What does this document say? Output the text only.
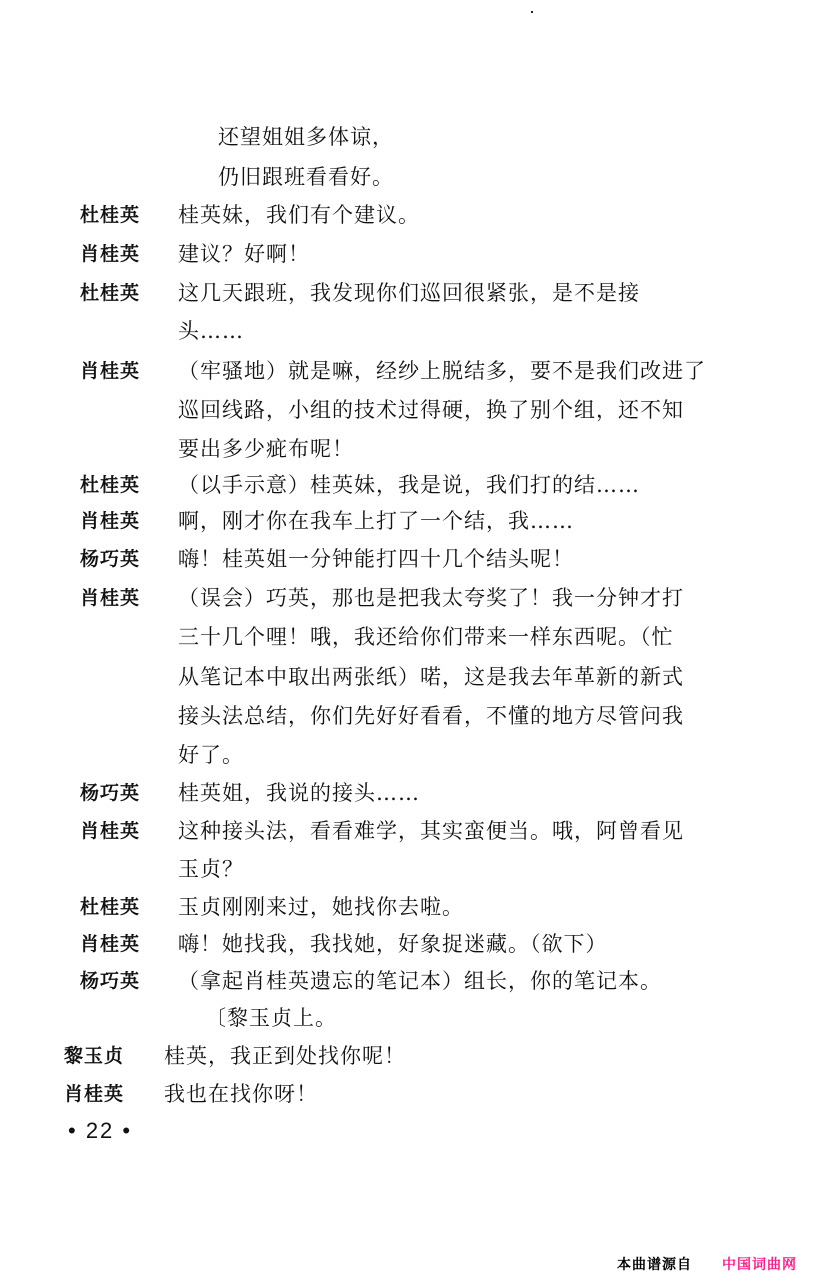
还望姐姐多体谅，
仍旧跟班看看好。
杜桂英 桂英妹，我们有个建议。
肖桂英 建议？好啊！
杜桂英 这几天跟班，我发现你们巡回很紧张，是不是接
头……
肖桂英 （牢骚地）就是嘛，经纱上脱结多，要不是我们改进了
巡回线路，小组的技术过得硬，换了别个组，还不知
要出多少疵布呢！
杜桂英 （以手示意）桂英妹，我是说，我们打的结……
肖桂英 啊，刚才你在我车上打了一个结，我……
杨巧英 嗨！桂英姐一分钟能打四十几个结头呢！
肖桂英 （误会）巧英，那也是把我太夸奖了！我一分钟才打
三十几个哩！哦，我还给你们带来一样东西呢。（忙
从笔记本中取出两张纸）喏，这是我去年革新的新式
接头法总结，你们先好好看看，不懂的地方尽管问我
好了。
杨巧英 桂英姐，我说的接头……
肖桂英 这种接头法，看看难学，其实蛮便当。哦，阿曾看见
玉贞？
杜桂英 玉贞刚刚来过，她找你去啦。
肖桂英 嗨！她找我，我找她，好象捉迷藏。（欲下）
杨巧英 （拿起肖桂英遗忘的笔记本）组长，你的笔记本。
〔黎玉贞上。
黎玉贞 桂英，我正到处找你呢！
肖桂英 我也在找你呀！
• 22 •
本曲谱源自 中国词曲网
